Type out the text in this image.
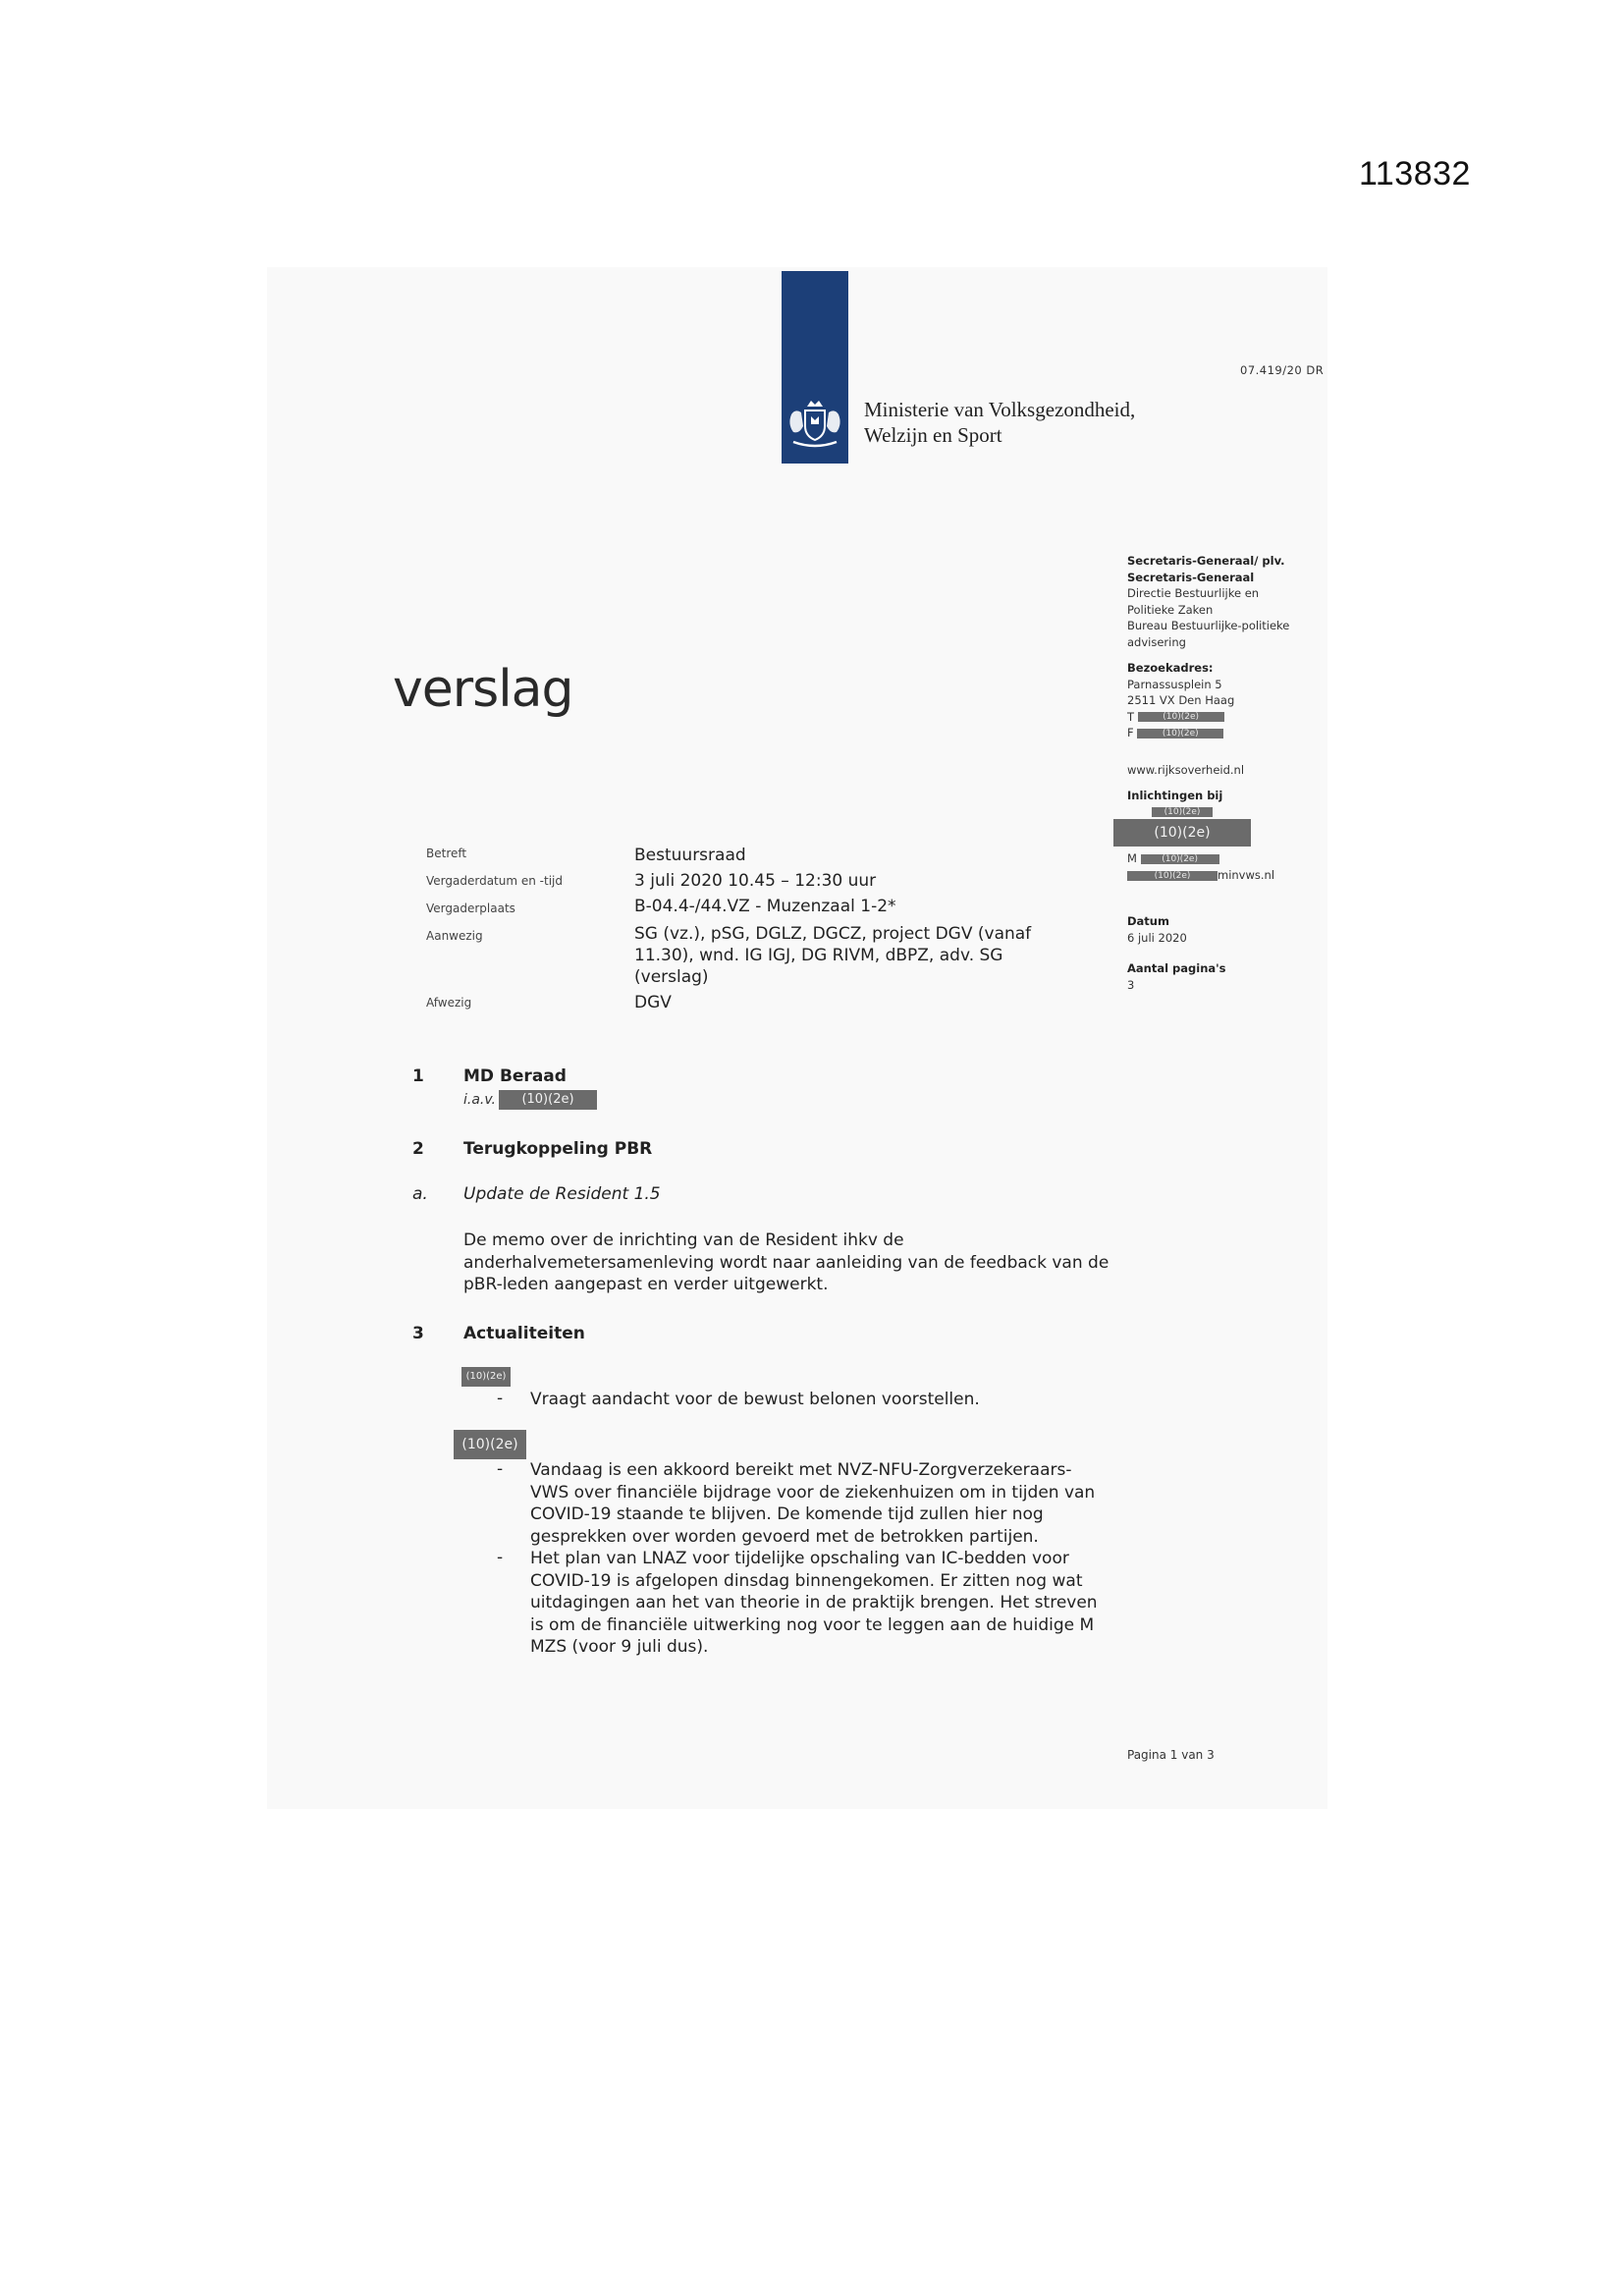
113832
Ministerie van Volksgezondheid,
Welzijn en Sport
07.419/20 DR
verslag
Secretaris-Generaal/ plv.
Secretaris-Generaal
Directie Bestuurlijke en
Politieke Zaken
Bureau Bestuurlijke-politieke
advisering
Bezoekadres:
Parnassusplein 5
2511 VX Den Haag
T	(10)(2e)
F	(10)(2e)
www.rijksoverheid.nl
Inlichtingen bij
(10)(2e)
(10)(2e)
M	(10)(2e)
(10)(2e) minvws.nl
Datum
6 juli 2020
Aantal pagina's
3
Betreft	Bestuursraad
Vergaderdatum en -tijd	3 juli 2020 10.45 – 12:30 uur
Vergaderplaats	B-04.4-/44.VZ - Muzenzaal 1-2*
Aanwezig	SG (vz.), pSG, DGLZ, DGCZ, project DGV (vanaf
11.30), wnd. IG IGJ, DG RIVM, dBPZ, adv. SG
(verslag)
Afwezig	DGV
1 MD Beraad
i.a.v.	(10)(2e)
2 Terugkoppeling PBR
a. Update de Resident 1.5
De memo over de inrichting van de Resident ihkv de
anderhalvemetersamenleving wordt naar aanleiding van de feedback van de
pBR-leden aangepast en verder uitgewerkt.
3 Actualiteiten
(10)(2e)
- Vraagt aandacht voor de bewust belonen voorstellen.
(10)(2e)
- Vandaag is een akkoord bereikt met NVZ-NFU-Zorgverzekeraars-
VWS over financiële bijdrage voor de ziekenhuizen om in tijden van
COVID-19 staande te blijven. De komende tijd zullen hier nog
gesprekken over worden gevoerd met de betrokken partijen.
- Het plan van LNAZ voor tijdelijke opschaling van IC-bedden voor
COVID-19 is afgelopen dinsdag binnengekomen. Er zitten nog wat
uitdagingen aan het van theorie in de praktijk brengen. Het streven
is om de financiële uitwerking nog voor te leggen aan de huidige M
MZS (voor 9 juli dus).
Pagina 1 van 3
